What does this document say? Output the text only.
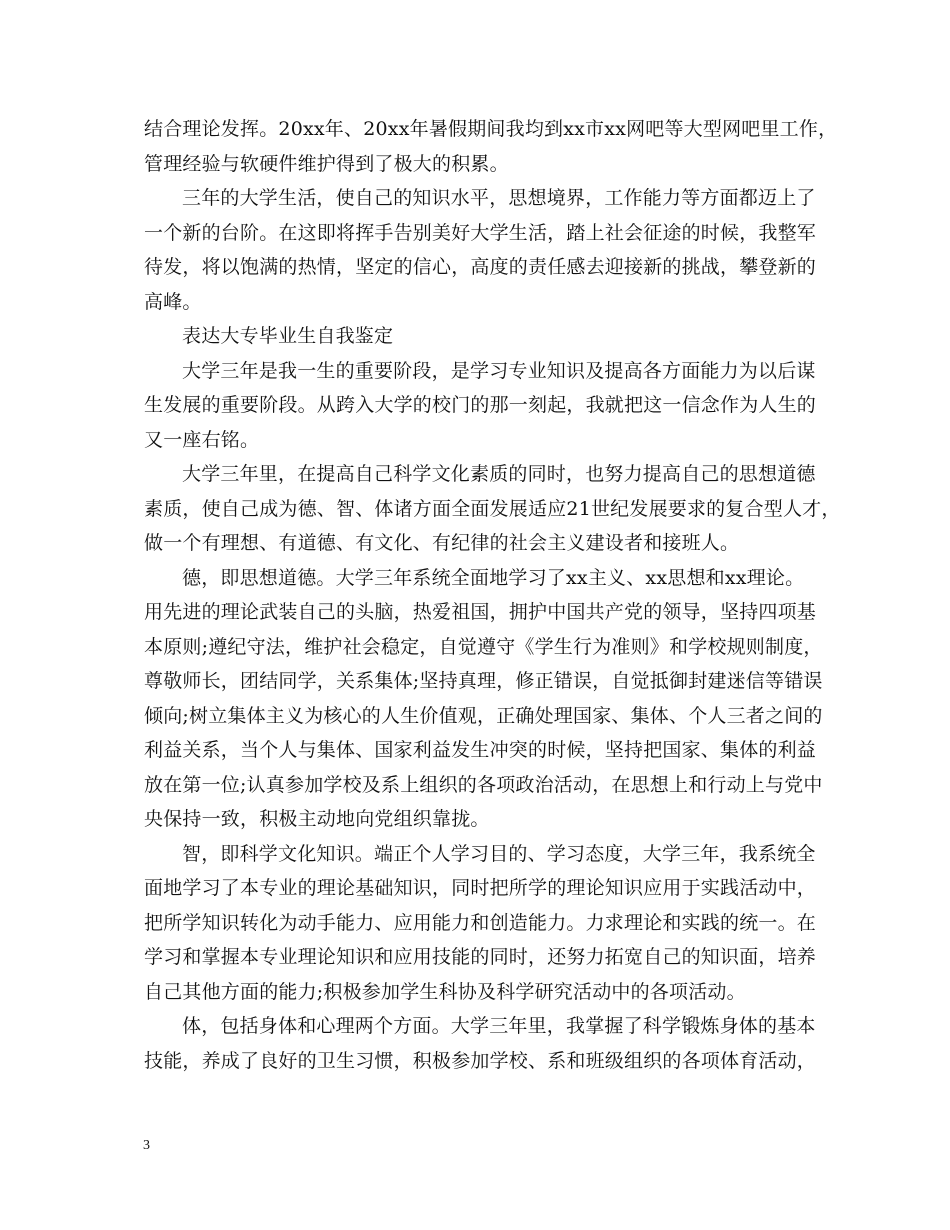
结合理论发挥。20xx年、20xx年暑假期间我均到xx市xx网吧等大型网吧里工作，
管理经验与软硬件维护得到了极大的积累。
三年的大学生活，使自己的知识水平，思想境界，工作能力等方面都迈上了
一个新的台阶。在这即将挥手告别美好大学生活，踏上社会征途的时候，我整军
待发，将以饱满的热情，坚定的信心，高度的责任感去迎接新的挑战，攀登新的
高峰。
表达大专毕业生自我鉴定
大学三年是我一生的重要阶段，是学习专业知识及提高各方面能力为以后谋
生发展的重要阶段。从跨入大学的校门的那一刻起，我就把这一信念作为人生的
又一座右铭。
大学三年里，在提高自己科学文化素质的同时，也努力提高自己的思想道德
素质，使自己成为德、智、体诸方面全面发展适应21世纪发展要求的复合型人才，
做一个有理想、有道德、有文化、有纪律的社会主义建设者和接班人。
德，即思想道德。大学三年系统全面地学习了xx主义、xx思想和xx理论。
用先进的理论武装自己的头脑，热爱祖国，拥护中国共产党的领导，坚持四项基
本原则;遵纪守法，维护社会稳定，自觉遵守《学生行为准则》和学校规则制度，
尊敬师长，团结同学，关系集体;坚持真理，修正错误，自觉抵御封建迷信等错误
倾向;树立集体主义为核心的人生价值观，正确处理国家、集体、个人三者之间的
利益关系，当个人与集体、国家利益发生冲突的时候，坚持把国家、集体的利益
放在第一位;认真参加学校及系上组织的各项政治活动，在思想上和行动上与党中
央保持一致，积极主动地向党组织靠拢。
智，即科学文化知识。端正个人学习目的、学习态度，大学三年，我系统全
面地学习了本专业的理论基础知识，同时把所学的理论知识应用于实践活动中，
把所学知识转化为动手能力、应用能力和创造能力。力求理论和实践的统一。在
学习和掌握本专业理论知识和应用技能的同时，还努力拓宽自己的知识面，培养
自己其他方面的能力;积极参加学生科协及科学研究活动中的各项活动。
体，包括身体和心理两个方面。大学三年里，我掌握了科学锻炼身体的基本
技能，养成了良好的卫生习惯，积极参加学校、系和班级组织的各项体育活动，
3
